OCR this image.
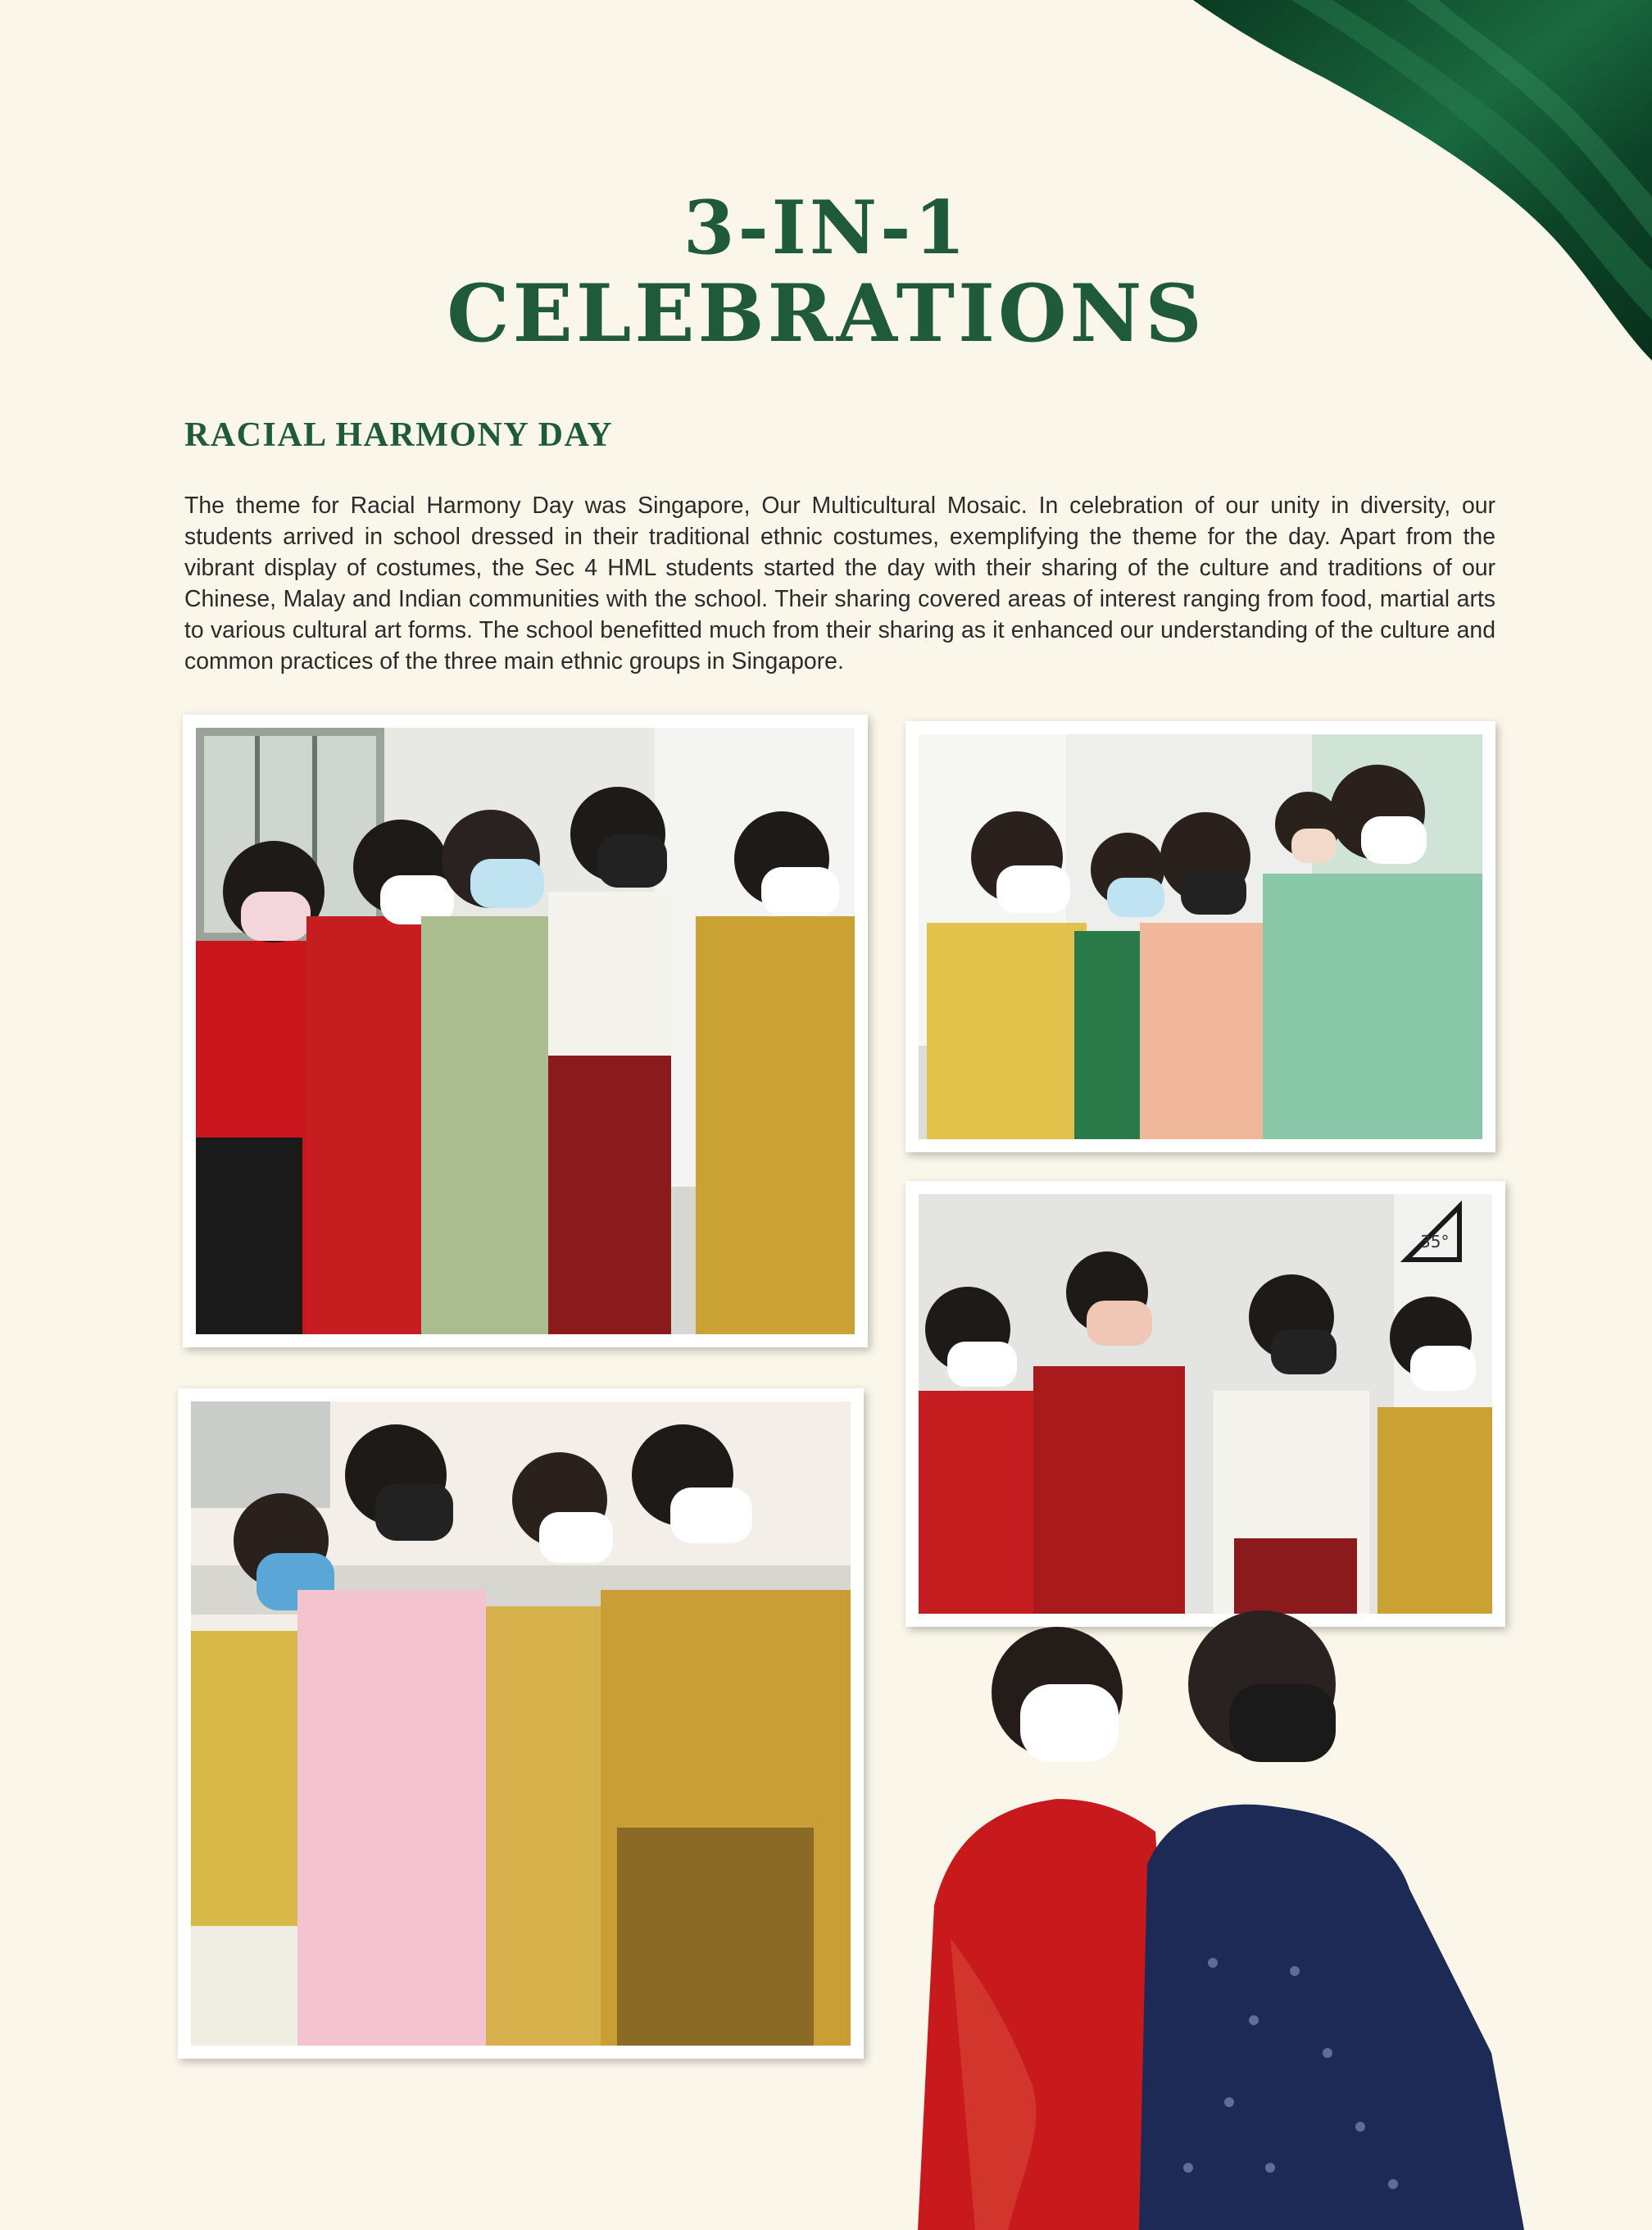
3-IN-1
CELEBRATIONS
RACIAL HARMONY DAY

The theme for Racial Harmony Day was Singapore, Our Multicultural Mosaic. In celebration of our unity in diversity, our students arrived in school dressed in their traditional ethnic costumes, exemplifying the theme for the day. Apart from the vibrant display of costumes, the Sec 4 HML students started the day with their sharing of the culture and traditions of our Chinese, Malay and Indian communities with the school. Their sharing covered areas of interest ranging from food, martial arts to various cultural art forms. The school benefitted much from their sharing as it enhanced our understanding of the culture and common practices of the three main ethnic groups in Singapore.

35°
